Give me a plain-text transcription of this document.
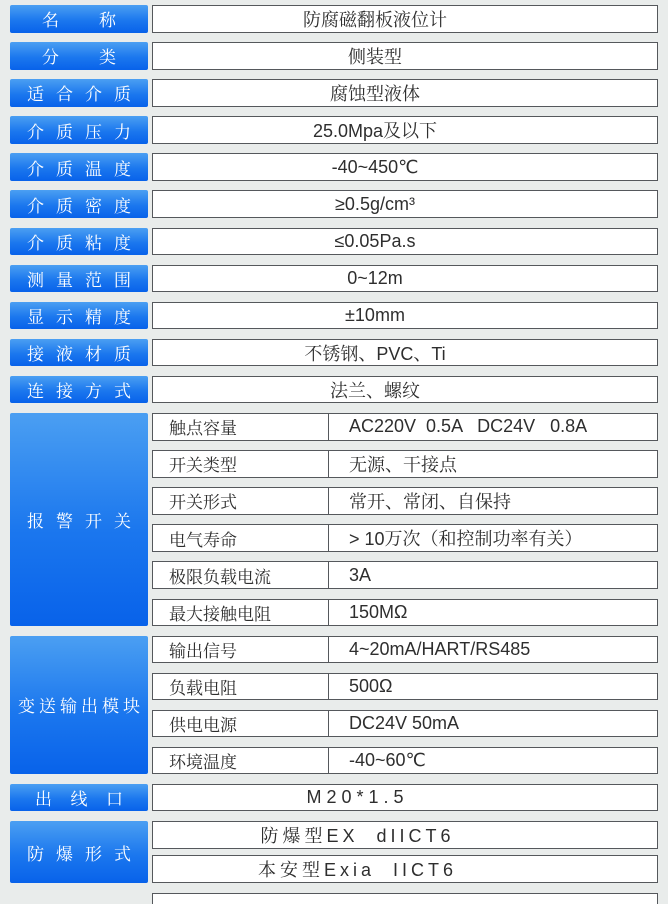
名称	防腐磁翻板液位计
分类	侧装型
适合介质	腐蚀型液体
介质压力	25.0Mpa及以下
介质温度	-40~450℃
介质密度	≥0.5g/cm³
介质粘度	≤0.05Pa.s
测量范围	0~12m
显示精度	±10mm
接液材质	不锈钢、PVC、Ti
连接方式	法兰、螺纹
报警开关
触点容量	AC220V  0.5A   DC24V   0.8A
开关类型	无源、干接点
开关形式	常开、常闭、自保持
电气寿命	> 10万次（和控制功率有关）
极限负载电流	3A
最大接触电阻	150MΩ
变送输出模块
输出信号	4~20mA/HART/RS485
负载电阻	500Ω
供电电源	DC24V 50mA
环境温度	-40~60℃
出线口	M20*1.5
防爆形式
防爆型EX  dIICT6
本安型Exia  IICT6
